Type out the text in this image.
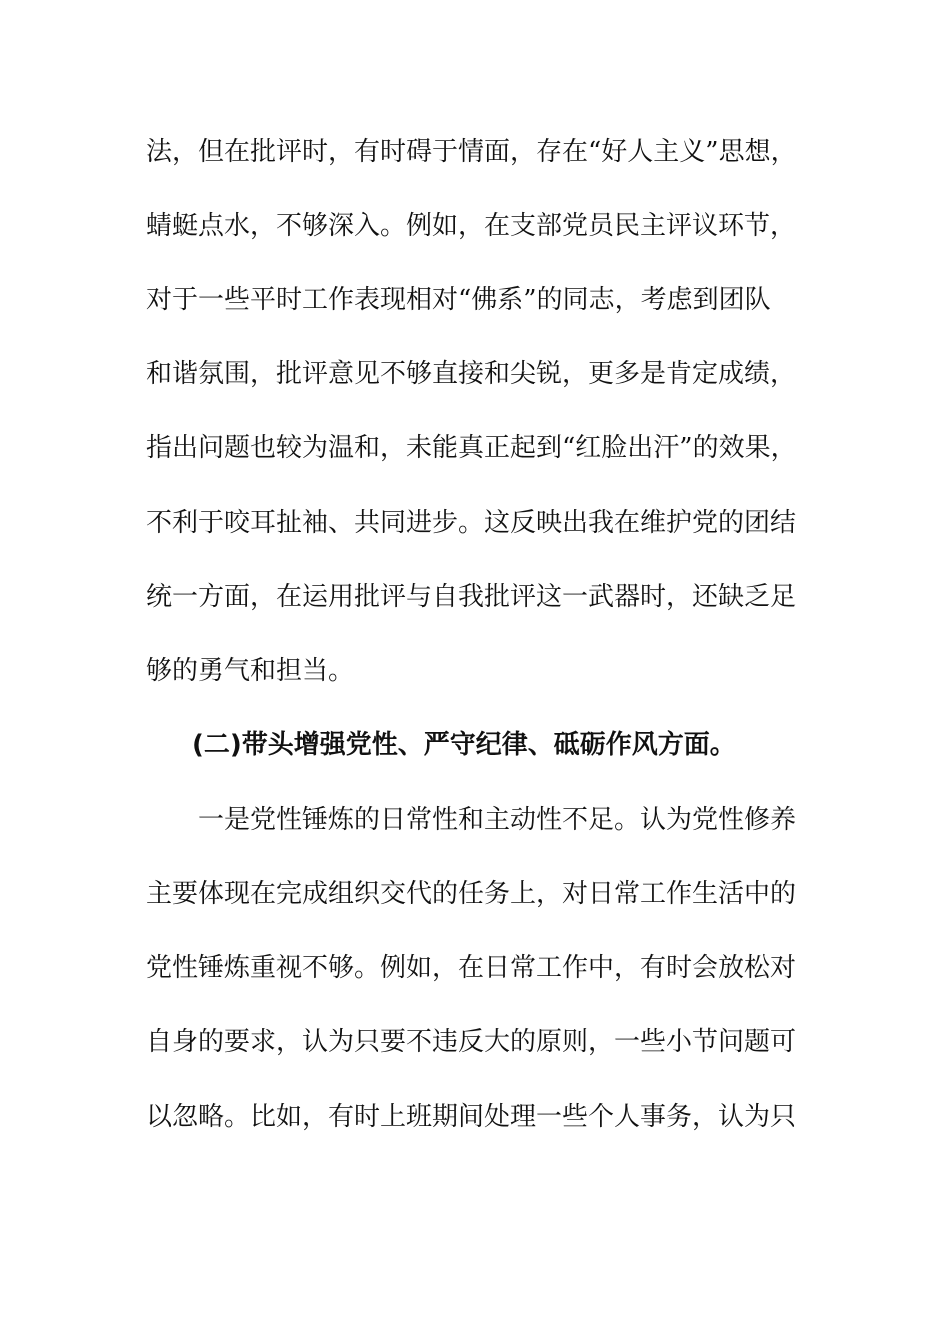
法，但在批评时，有时碍于情面，存在“好人主义”思想，
蜻蜓点水，不够深入。例如，在支部党员民主评议环节，
对于一些平时工作表现相对“佛系”的同志，考虑到团队
和谐氛围，批评意见不够直接和尖锐，更多是肯定成绩，
指出问题也较为温和，未能真正起到“红脸出汗”的效果，
不利于咬耳扯袖、共同进步。这反映出我在维护党的团结
统一方面，在运用批评与自我批评这一武器时，还缺乏足
够的勇气和担当。
(二)带头增强党性、严守纪律、砥砺作风方面。
一是党性锤炼的日常性和主动性不足。认为党性修养
主要体现在完成组织交代的任务上，对日常工作生活中的
党性锤炼重视不够。例如，在日常工作中，有时会放松对
自身的要求，认为只要不违反大的原则，一些小节问题可
以忽略。比如，有时上班期间处理一些个人事务，认为只
